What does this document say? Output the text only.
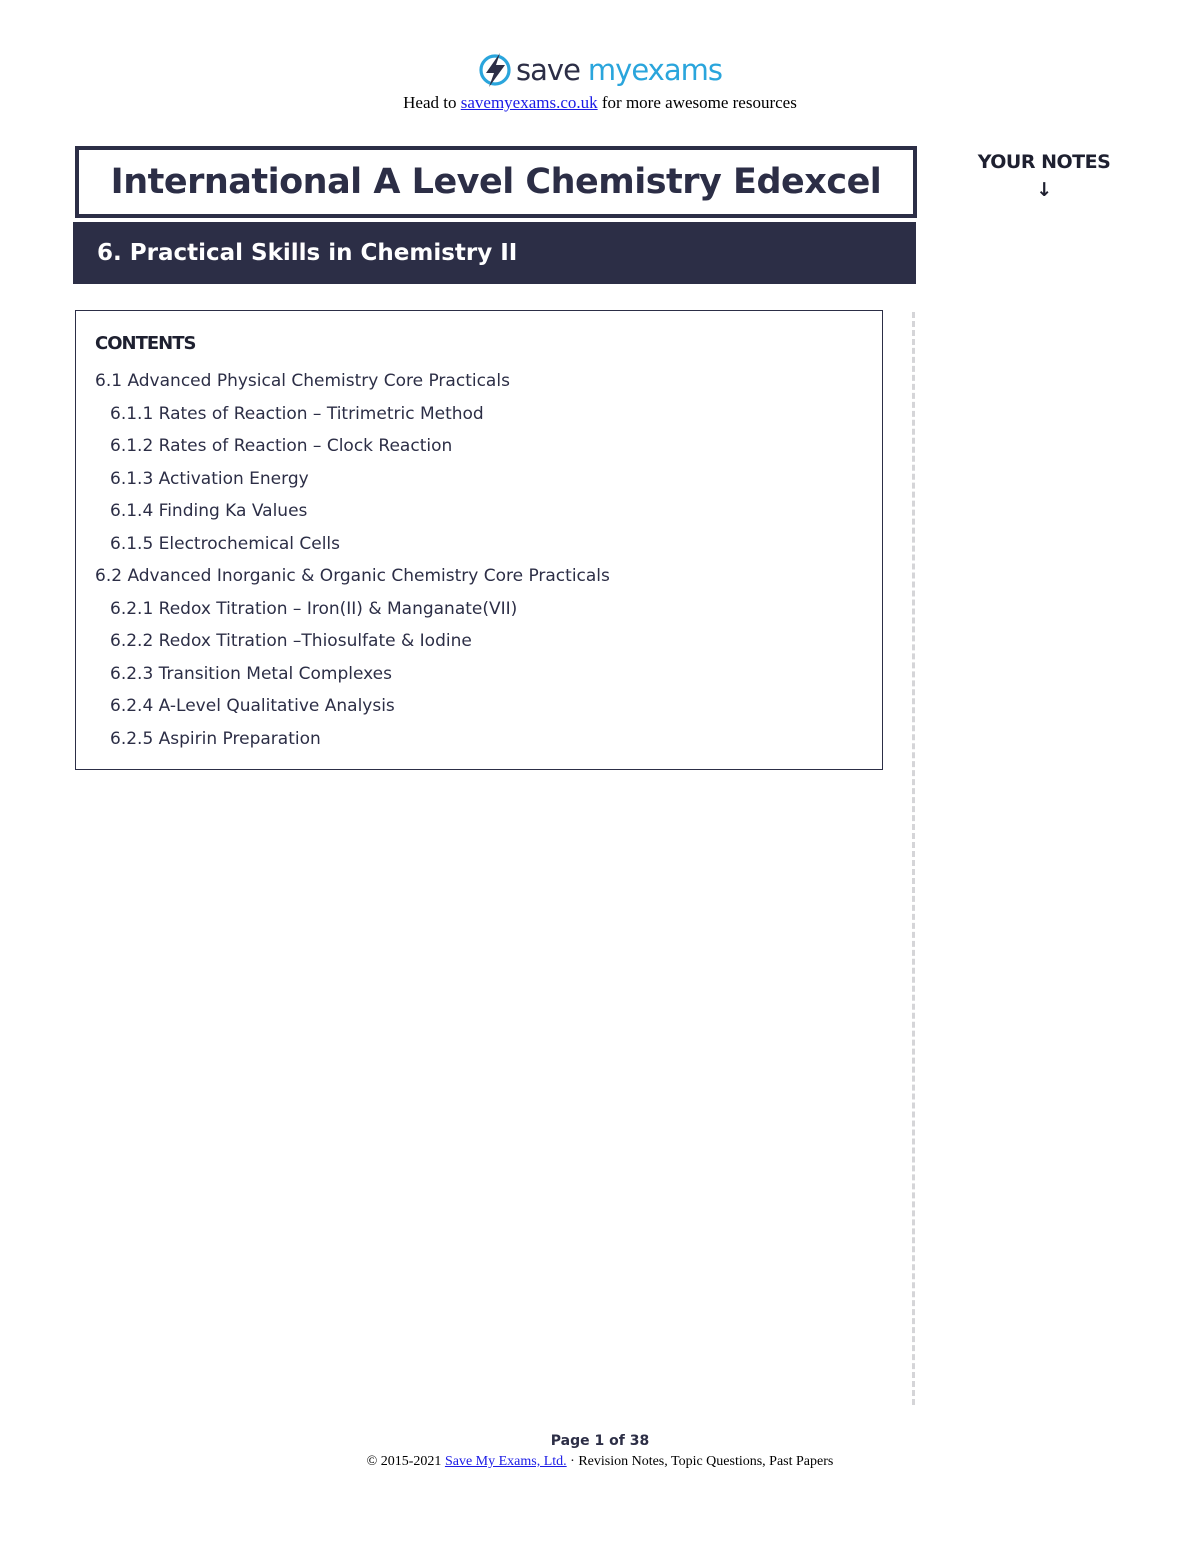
save myexams
Head to savemyexams.co.uk for more awesome resources
International A Level Chemistry Edexcel
6. Practical Skills in Chemistry II
YOUR NOTES
↓
CONTENTS
6.1 Advanced Physical Chemistry Core Practicals
6.1.1 Rates of Reaction – Titrimetric Method
6.1.2 Rates of Reaction – Clock Reaction
6.1.3 Activation Energy
6.1.4 Finding Ka Values
6.1.5 Electrochemical Cells
6.2 Advanced Inorganic & Organic Chemistry Core Practicals
6.2.1 Redox Titration – Iron(II) & Manganate(VII)
6.2.2 Redox Titration –Thiosulfate & Iodine
6.2.3 Transition Metal Complexes
6.2.4 A-Level Qualitative Analysis
6.2.5 Aspirin Preparation
Page 1 of 38
© 2015-2021 Save My Exams, Ltd. · Revision Notes, Topic Questions, Past Papers
